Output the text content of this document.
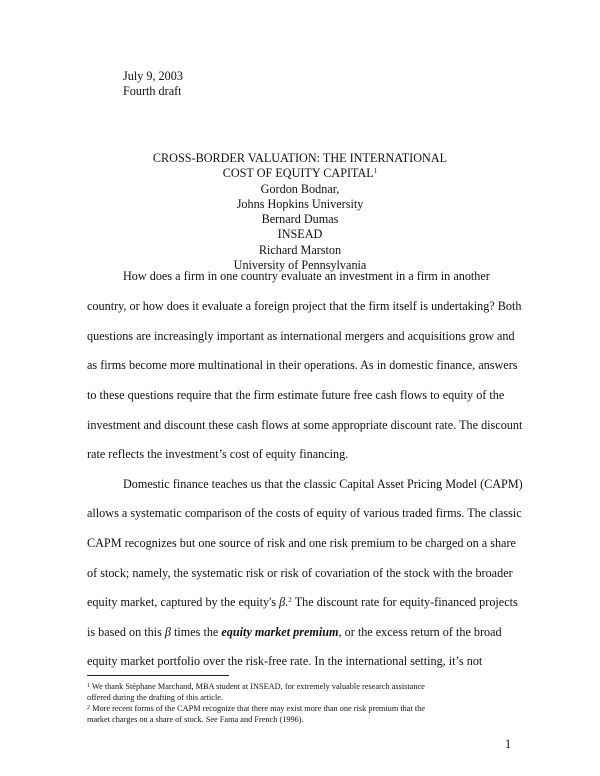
July 9, 2003
Fourth draft
CROSS-BORDER VALUATION: THE INTERNATIONAL
COST OF EQUITY CAPITAL$^1$
Gordon Bodnar,
Johns Hopkins University
Bernard Dumas
INSEAD
Richard Marston
University of Pennsylvania
How does a firm in one country evaluate an investment in a firm in another
country, or how does it evaluate a foreign project that the firm itself is undertaking? Both
questions are increasingly important as international mergers and acquisitions grow and
as firms become more multinational in their operations. As in domestic finance, answers
to these questions require that the firm estimate future free cash flows to equity of the
investment and discount these cash flows at some appropriate discount rate. The discount
rate reflects the investment’s cost of equity financing.
Domestic finance teaches us that the classic Capital Asset Pricing Model (CAPM)
allows a systematic comparison of the costs of equity of various traded firms. The classic
CAPM recognizes but one source of risk and one risk premium to be charged on a share
of stock; namely, the systematic risk or risk of covariation of the stock with the broader
equity market, captured by the equity's β.$^2$ The discount rate for equity-financed projects
is based on this β times the equity market premium, or the excess return of the broad
equity market portfolio over the risk-free rate. In the international setting, it’s not
$^1$ We thank Stéphane Marchand, MBA student at INSEAD, for extremely valuable research assistance
offered during the drafting of this article.
$^2$ More recent forms of the CAPM recognize that there may exist more than one risk premium that the
market charges on a share of stock. See Fama and French (1996).
1
